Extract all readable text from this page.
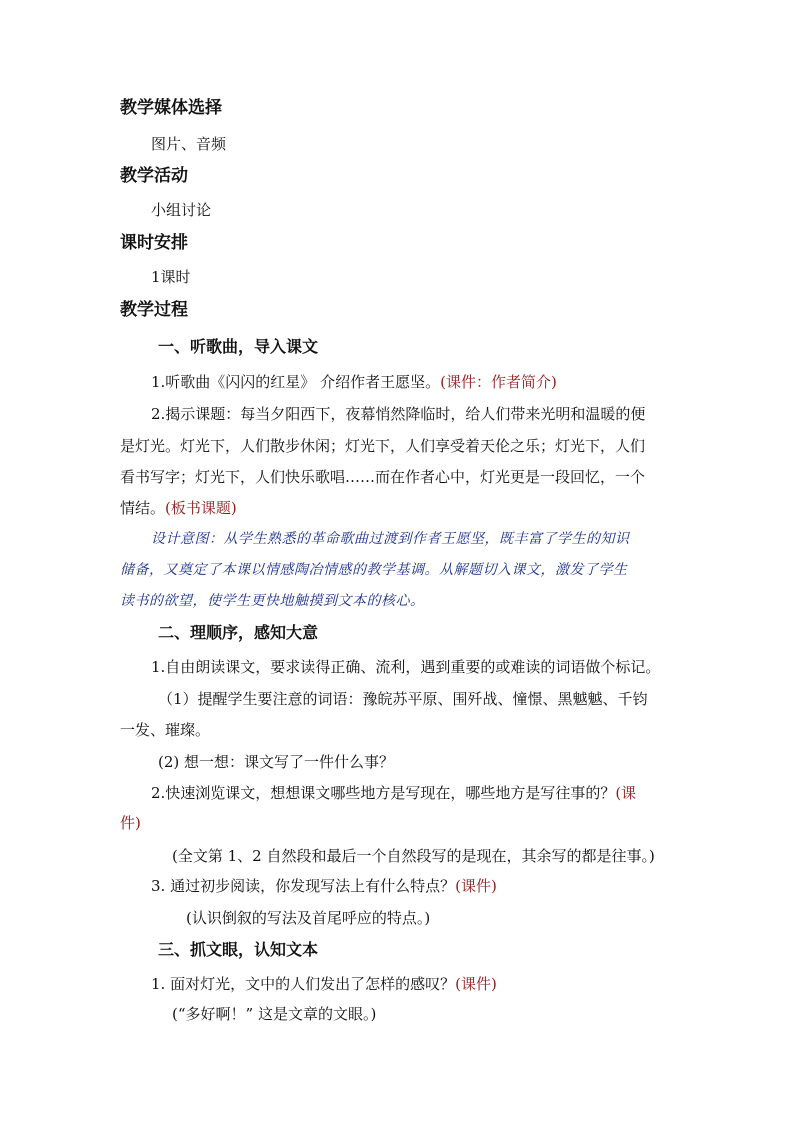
教学媒体选择
图片、音频
教学活动
小组讨论
课时安排
1课时
教学过程
一、听歌曲，导入课文
1.听歌曲《闪闪的红星》 介绍作者王愿坚。(课件：作者简介)
2.揭示课题：每当夕阳西下，夜幕悄然降临时，给人们带来光明和温暖的便
是灯光。灯光下，人们散步休闲；灯光下，人们享受着天伦之乐；灯光下，人们
看书写字；灯光下，人们快乐歌唱……而在作者心中，灯光更是一段回忆，一个
情结。(板书课题)
设计意图：从学生熟悉的革命歌曲过渡到作者王愿坚，既丰富了学生的知识
储备，又奠定了本课以情感陶冶情感的教学基调。从解题切入课文，激发了学生
读书的欲望，使学生更快地触摸到文本的核心。
二、理顺序，感知大意
1.自由朗读课文，要求读得正确、流利，遇到重要的或难读的词语做个标记。
（1）提醒学生要注意的词语：豫皖苏平原、围歼战、憧憬、黑魆魆、千钧
一发、璀璨。
(2) 想一想：课文写了一件什么事？
2.快速浏览课文，想想课文哪些地方是写现在，哪些地方是写往事的？(课
件)
(全文第 1、2 自然段和最后一个自然段写的是现在，其余写的都是往事。)
3. 通过初步阅读，你发现写法上有什么特点？(课件)
(认识倒叙的写法及首尾呼应的特点。)
三、抓文眼，认知文本
1. 面对灯光，文中的人们发出了怎样的感叹？(课件)
(“多好啊！” 这是文章的文眼。)
